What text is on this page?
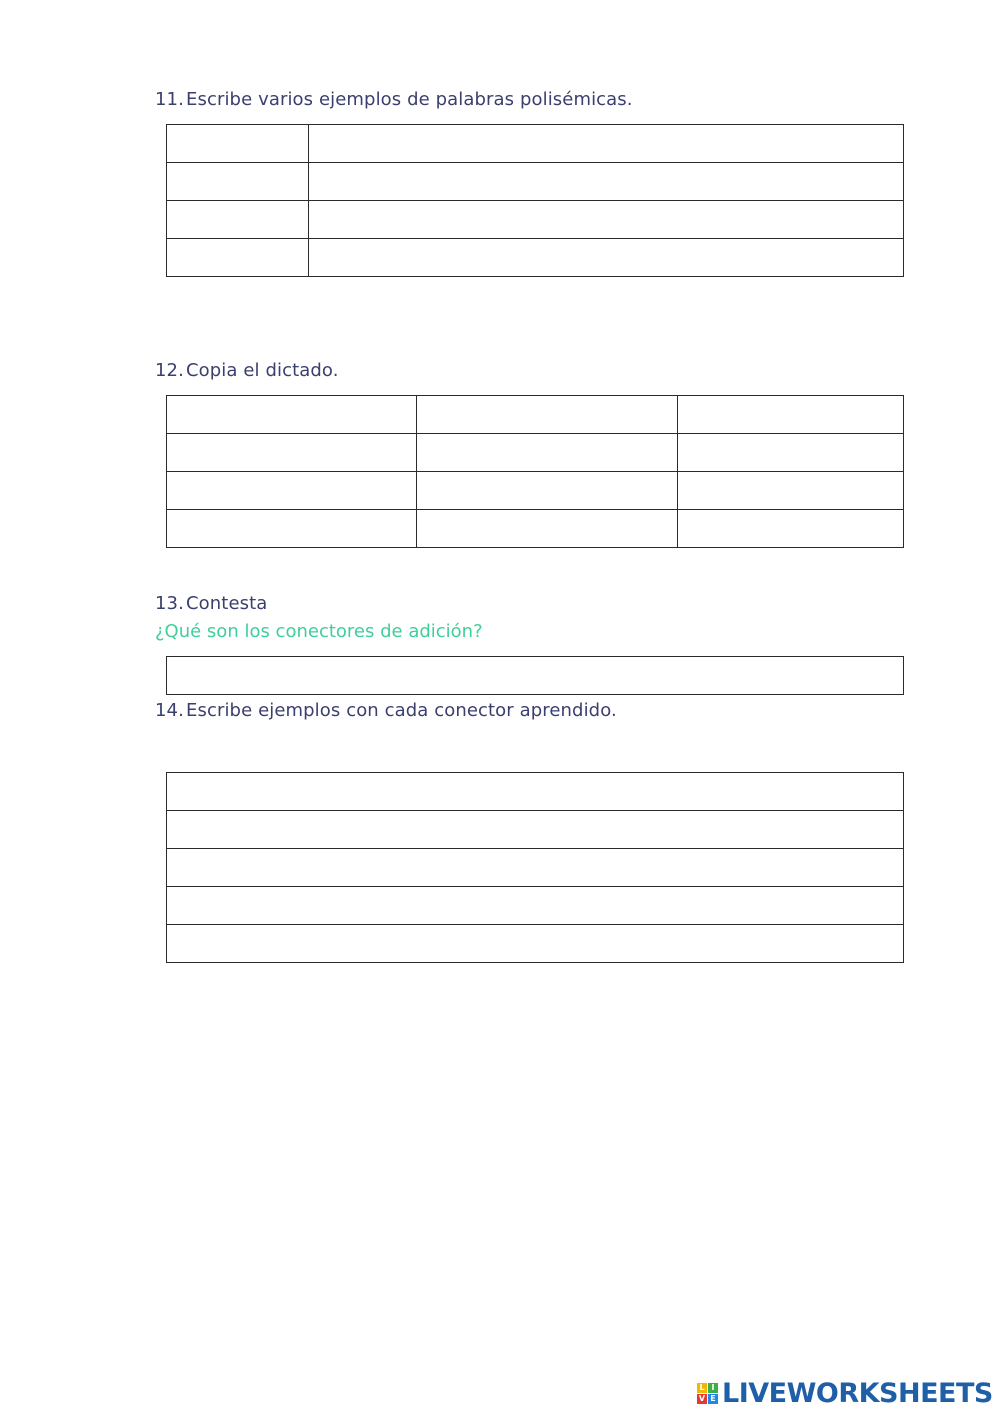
11. Escribe varios ejemplos de palabras polisémicas.

12. Copia el dictado.

13. Contesta
¿Qué son los conectores de adición?
14. Escribe ejemplos con cada conector aprendido.

L I
V E LIVEWORKSHEETS
